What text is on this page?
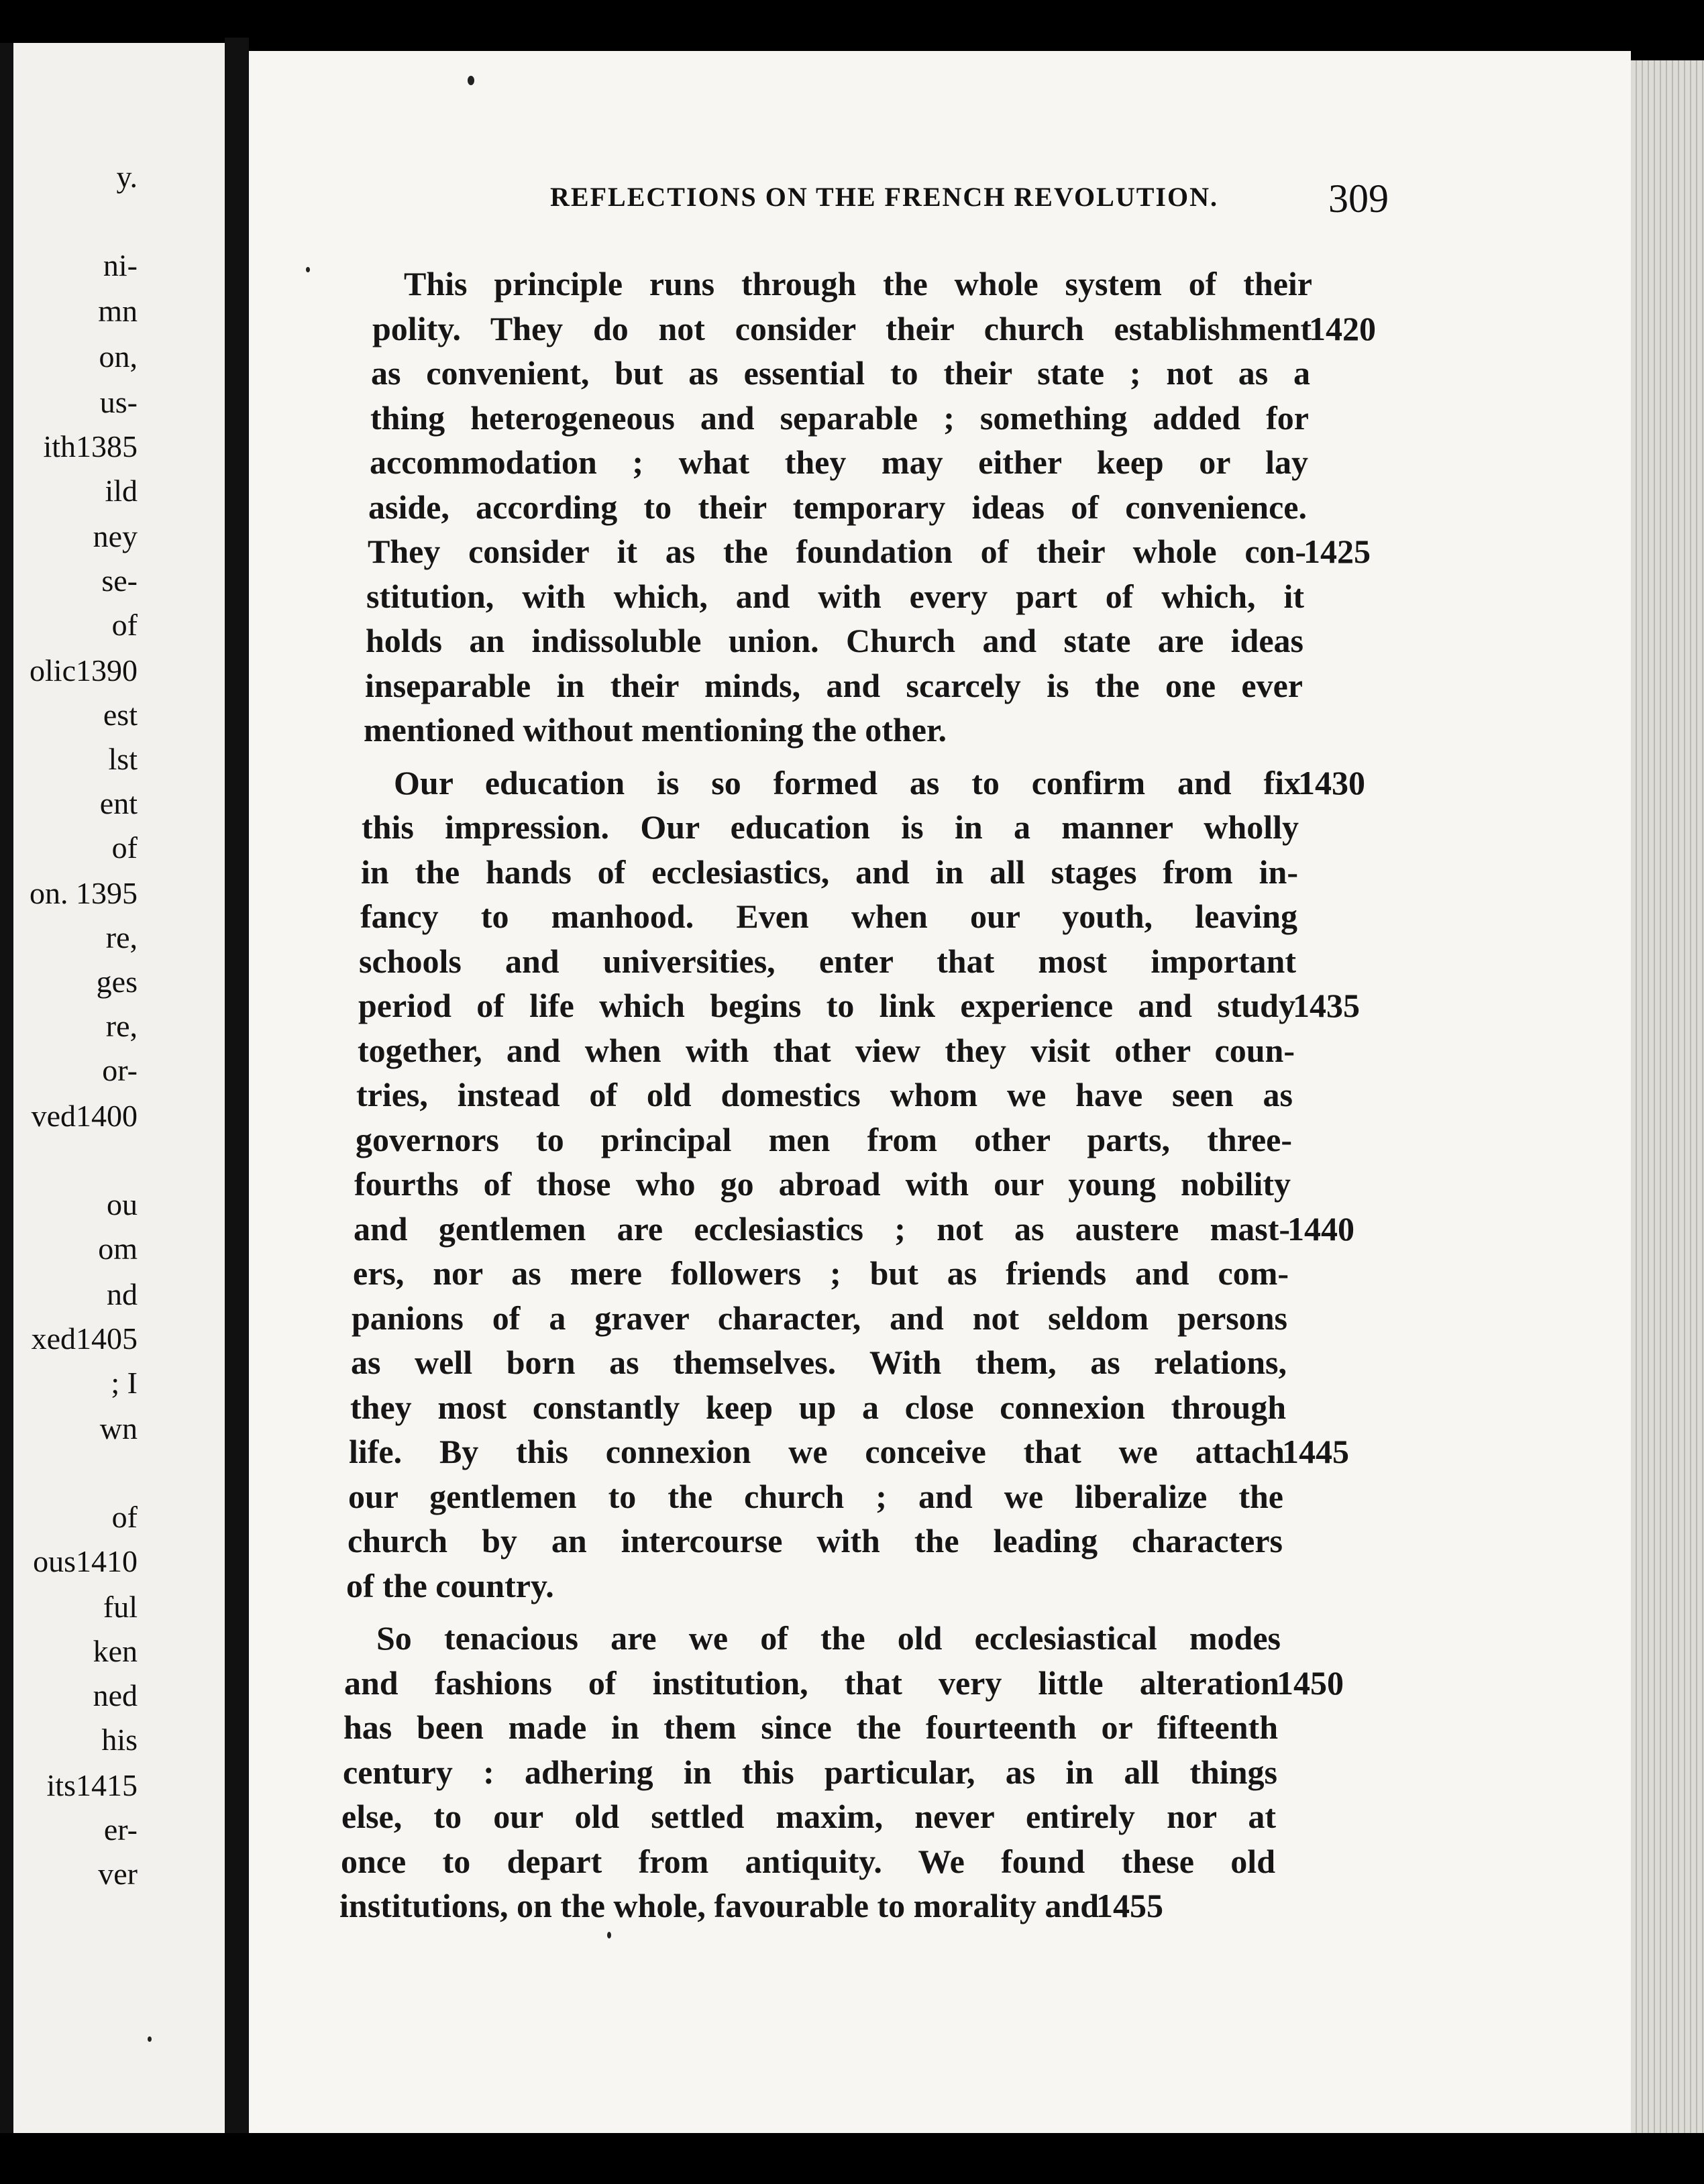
y.
ni-
mn
on,
us-
ith1385
ild
ney
se-
of
olic1390
est
lst
ent
of
on. 1395
re,
ges
re,
or-
ved1400
ou
om
nd
xed1405
; I
wn
of
ous1410
ful
ken
ned
his
its1415
er-
ver
REFLECTIONS ON THE FRENCH REVOLUTION.	309
This principle runs through the whole system of their
polity. They do not consider their church establishment
1420
as convenient, but as essential to their state ; not as a
thing heterogeneous and separable ; something added for
accommodation ; what they may either keep or lay
aside, according to their temporary ideas of convenience.
They consider it as the foundation of their whole con-
1425
stitution, with which, and with every part of which, it
holds an indissoluble union. Church and state are ideas
inseparable in their minds, and scarcely is the one ever
mentioned without mentioning the other.
Our education is so formed as to confirm and fix
1430
this impression. Our education is in a manner wholly
in the hands of ecclesiastics, and in all stages from in-
fancy to manhood. Even when our youth, leaving
schools and universities, enter that most important
period of life which begins to link experience and study
1435
together, and when with that view they visit other coun-
tries, instead of old domestics whom we have seen as
governors to principal men from other parts, three-
fourths of those who go abroad with our young nobility
and gentlemen are ecclesiastics ; not as austere mast-
1440
ers, nor as mere followers ; but as friends and com-
panions of a graver character, and not seldom persons
as well born as themselves. With them, as relations,
they most constantly keep up a close connexion through
life. By this connexion we conceive that we attach
1445
our gentlemen to the church ; and we liberalize the
church by an intercourse with the leading characters
of the country.
So tenacious are we of the old ecclesiastical modes
and fashions of institution, that very little alteration
1450
has been made in them since the fourteenth or fifteenth
century : adhering in this particular, as in all things
else, to our old settled maxim, never entirely nor at
once to depart from antiquity. We found these old
institutions, on the whole, favourable to morality and
1455
